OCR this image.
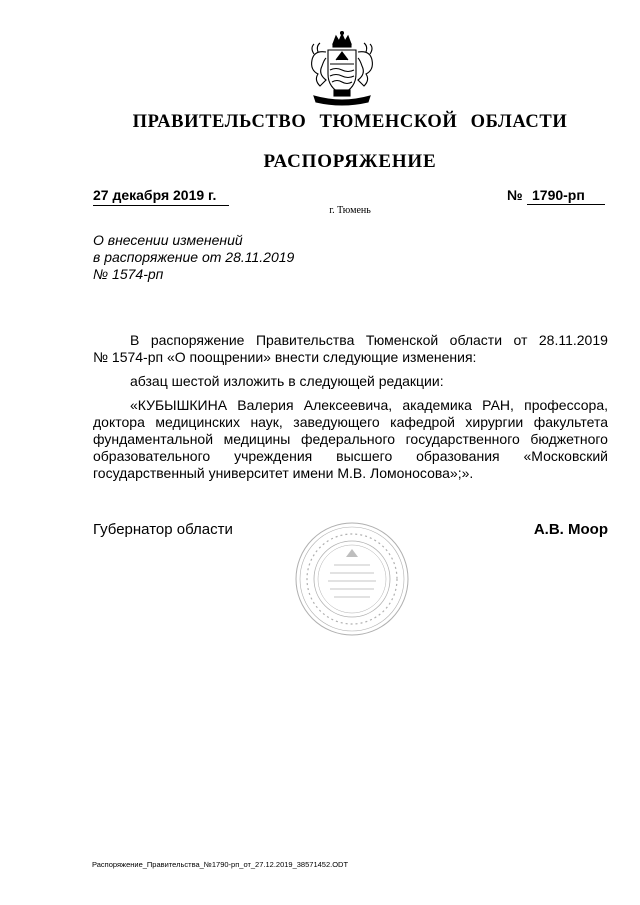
ПРАВИТЕЛЬСТВО ТЮМЕНСКОЙ ОБЛАСТИ
РАСПОРЯЖЕНИЕ
27 декабря 2019 г.	№ 1790-рп
г. Тюмень
О внесении изменений
в распоряжение от 28.11.2019
№ 1574-рп
В распоряжение Правительства Тюменской области от 28.11.2019
№ 1574-рп «О поощрении» внести следующие изменения:
абзац шестой изложить в следующей редакции:
«КУБЫШКИНА Валерия Алексеевича, академика РАН, профессора,
доктора медицинских наук, заведующего кафедрой хирургии факультета
фундаментальной медицины федерального государственного бюджетного
образовательного учреждения высшего образования «Московский
государственный университет имени М.В. Ломоносова»;».
Губернатор области	А.В. Моор
Распоряжение_Правительства_№1790-рп_от_27.12.2019_38571452.ODT
